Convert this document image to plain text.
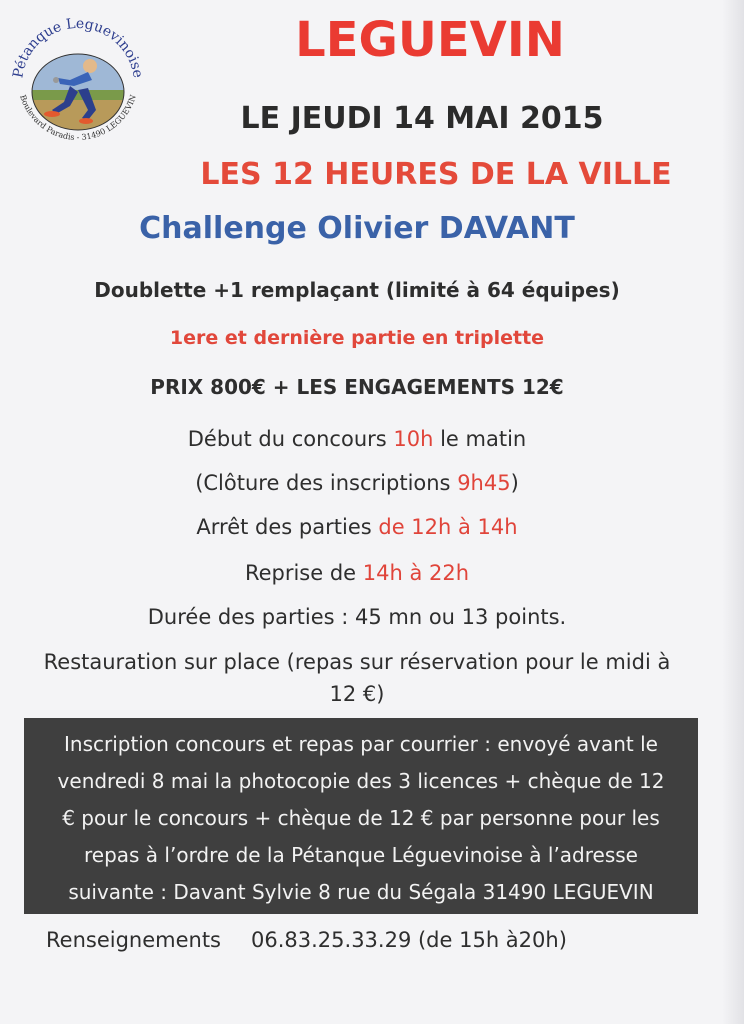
Pétanque Leguevinoise
Boulevard Paradis - 31490 LEGUEVIN
LEGUEVIN
LE JEUDI 14 MAI 2015
LES 12 HEURES DE LA VILLE
Challenge Olivier DAVANT
Doublette +1 remplaçant (limité à 64 équipes)
1ere et dernière partie en triplette
PRIX 800€ + LES ENGAGEMENTS 12€
Début du concours 10h le matin
(Clôture des inscriptions 9h45)
Arrêt des parties de 12h à 14h
Reprise de 14h à 22h
Durée des parties : 45 mn ou 13 points.
Restauration sur place (repas sur réservation pour le midi à
12 €)
Inscription concours et repas par courrier : envoyé avant le
vendredi 8 mai la photocopie des 3 licences + chèque de 12
€ pour le concours + chèque de 12 € par personne pour les
repas à l’ordre de la Pétanque Léguevinoise à l’adresse
suivante : Davant Sylvie 8 rue du Ségala 31490 LEGUEVIN
Renseignements 06.83.25.33.29 (de 15h à20h)
